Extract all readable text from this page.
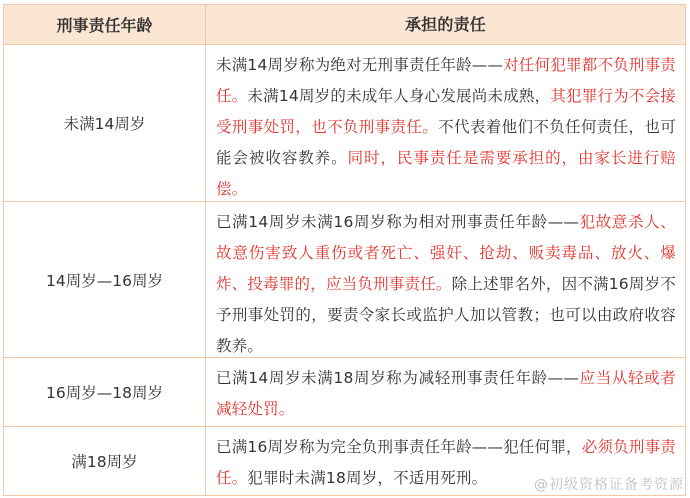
刑事责任年龄	承担的责任
未满14周岁
未满14周岁称为绝对无刑事责任年龄——对任何犯罪都不负刑事责任。未满14周岁的未成年人身心发展尚未成熟，其犯罪行为不会接受刑事处罚，也不负刑事责任。不代表着他们不负任何责任，也可能会被收容教养。同时，民事责任是需要承担的，由家长进行赔偿。
14周岁—16周岁
已满14周岁未满16周岁称为相对刑事责任年龄——犯故意杀人、故意伤害致人重伤或者死亡、强奸、抢劫、贩卖毒品、放火、爆炸、投毒罪的，应当负刑事责任。除上述罪名外，因不满16周岁不予刑事处罚的，要责令家长或监护人加以管教；也可以由政府收容教养。
16周岁—18周岁
已满14周岁未满18周岁称为减轻刑事责任年龄——应当从轻或者减轻处罚。
满18周岁
已满16周岁称为完全负刑事责任年龄——犯任何罪，必须负刑事责任。犯罪时未满18周岁，不适用死刑。	@初级资格证备考资源
